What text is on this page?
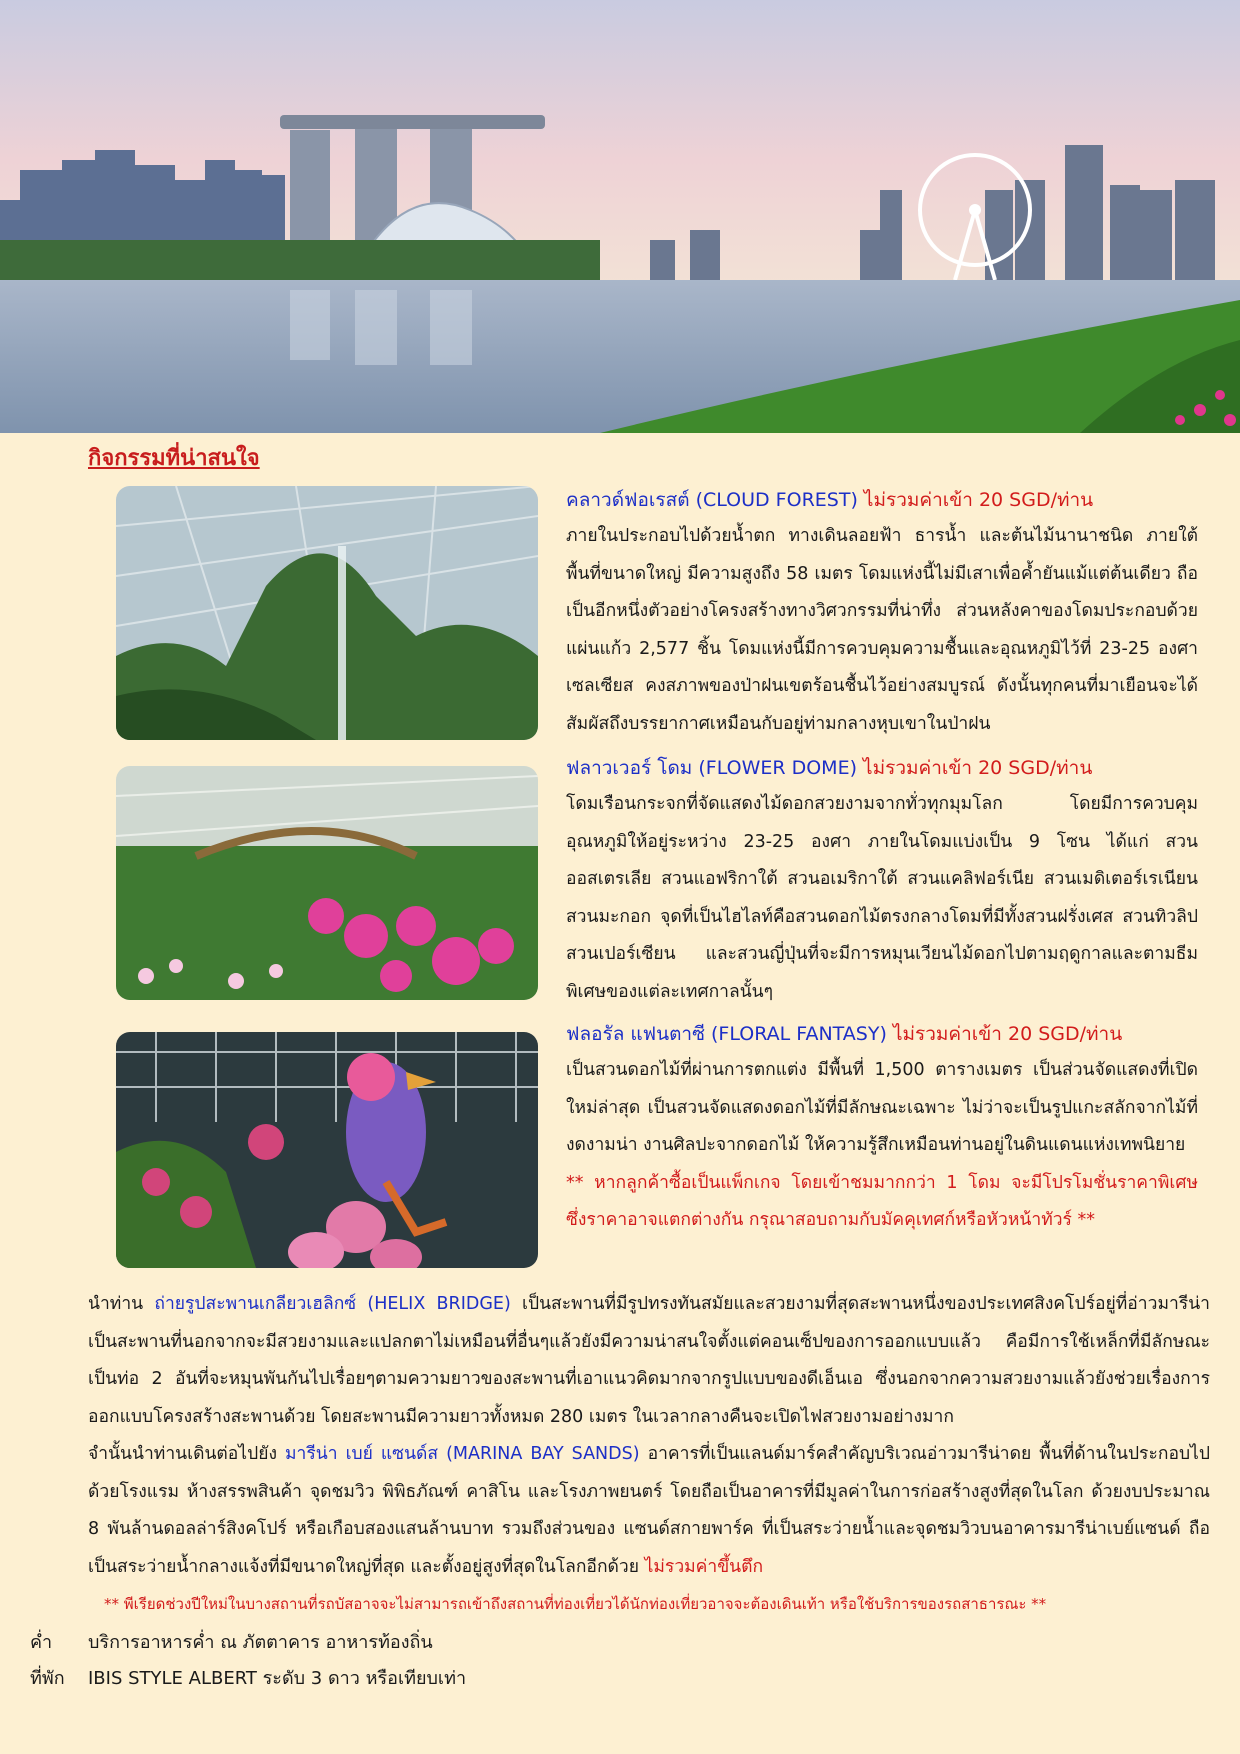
กิจกรรมที่น่าสนใจ
คลาวด์ฟอเรสต์ (CLOUD FOREST) ไม่รวมค่าเข้า 20 SGD/ท่าน
ภายในประกอบไปด้วยน้ำตก ทางเดินลอยฟ้า ธารน้ำ และต้นไม้นานาชนิด ภายใต้พื้นที่ขนาดใหญ่ มีความสูงถึง 58 เมตร โดมแห่งนี้ไม่มีเสาเพื่อค้ำยันแม้แต่ต้นเดียว ถือเป็นอีกหนึ่งตัวอย่างโครงสร้างทางวิศวกรรมที่น่าทึ่ง ส่วนหลังคาของโดมประกอบด้วยแผ่นแก้ว 2,577 ชิ้น โดมแห่งนี้มีการควบคุมความชื้นและอุณหภูมิไว้ที่ 23-25 องศาเซลเซียส คงสภาพของป่าฝนเขตร้อนชื้นไว้อย่างสมบูรณ์ ดังนั้นทุกคนที่มาเยือนจะได้สัมผัสถึงบรรยากาศเหมือนกับอยู่ท่ามกลางหุบเขาในป่าฝน
ฟลาวเวอร์ โดม (FLOWER DOME) ไม่รวมค่าเข้า 20 SGD/ท่าน
โดมเรือนกระจกที่จัดแสดงไม้ดอกสวยงามจากทั่วทุกมุมโลก โดยมีการควบคุมอุณหภูมิให้อยู่ระหว่าง 23-25 องศา ภายในโดมแบ่งเป็น 9 โซน ได้แก่ สวนออสเตรเลีย สวนแอฟริกาใต้ สวนอเมริกาใต้ สวนแคลิฟอร์เนีย สวนเมดิเตอร์เรเนียน สวนมะกอก จุดที่เป็นไฮไลท์คือสวนดอกไม้ตรงกลางโดมที่มีทั้งสวนฝรั่งเศส สวนทิวลิป สวนเปอร์เซียน และสวนญี่ปุ่นที่จะมีการหมุนเวียนไม้ดอกไปตามฤดูกาลและตามธีมพิเศษของแต่ละเทศกาลนั้นๆ
ฟลอรัล แฟนตาซี (FLORAL FANTASY) ไม่รวมค่าเข้า 20 SGD/ท่าน
เป็นสวนดอกไม้ที่ผ่านการตกแต่ง มีพื้นที่ 1,500 ตารางเมตร เป็นส่วนจัดแสดงที่เปิดใหม่ล่าสุด เป็นสวนจัดแสดงดอกไม้ที่มีลักษณะเฉพาะ ไม่ว่าจะเป็นรูปแกะสลักจากไม้ที่งดงามน่า งานศิลปะจากดอกไม้ ให้ความรู้สึกเหมือนท่านอยู่ในดินแดนแห่งเทพนิยาย
** หากลูกค้าซื้อเป็นแพ็กเกจ โดยเข้าชมมากกว่า 1 โดม จะมีโปรโมชั่นราคาพิเศษ ซึ่งราคาอาจแตกต่างกัน กรุณาสอบถามกับมัคคุเทศก์หรือหัวหน้าทัวร์ **
นำท่าน ถ่ายรูปสะพานเกลียวเฮลิกซ์ (HELIX BRIDGE) เป็นสะพานที่มีรูปทรงทันสมัยและสวยงามที่สุดสะพานหนึ่งของประเทศสิงคโปร์อยู่ที่อ่าวมารีน่าเป็นสะพานที่นอกจากจะมีสวยงามและแปลกตาไม่เหมือนที่อื่นๆแล้วยังมีความน่าสนใจตั้งแต่คอนเซ็ปของการออกแบบแล้ว คือมีการใช้เหล็กที่มีลักษณะเป็นท่อ 2 อันที่จะหมุนพันกันไปเรื่อยๆตามความยาวของสะพานที่เอาแนวคิดมากจากรูปแบบของดีเอ็นเอ ซึ่งนอกจากความสวยงามแล้วยังช่วยเรื่องการออกแบบโครงสร้างสะพานด้วย โดยสะพานมีความยาวทั้งหมด 280 เมตร ในเวลากลางคืนจะเปิดไฟสวยงามอย่างมาก
จำนั้นนำท่านเดินต่อไปยัง มารีน่า เบย์ แซนด์ส (MARINA BAY SANDS) อาคารที่เป็นแลนด์มาร์คสำคัญบริเวณอ่าวมารีน่าดย พื้นที่ด้านในประกอบไปด้วยโรงแรม ห้างสรรพสินค้า จุดชมวิว พิพิธภัณฑ์ คาสิโน และโรงภาพยนตร์ โดยถือเป็นอาคารที่มีมูลค่าในการก่อสร้างสูงที่สุดในโลก ด้วยงบประมาณ 8 พันล้านดอลล่าร์สิงคโปร์ หรือเกือบสองแสนล้านบาท รวมถึงส่วนของ แซนด์สกายพาร์ค ที่เป็นสระว่ายน้ำและจุดชมวิวบนอาคารมารีน่าเบย์แซนด์ ถือเป็นสระว่ายน้ำกลางแจ้งที่มีขนาดใหญ่ที่สุด และตั้งอยู่สูงที่สุดในโลกอีกด้วย ไม่รวมค่าขึ้นตึก
** พีเรียดช่วงปีใหม่ในบางสถานที่รถบัสอาจจะไม่สามารถเข้าถึงสถานที่ท่องเที่ยวได้นักท่องเที่ยวอาจจะต้องเดินเท้า หรือใช้บริการของรถสาธารณะ **
ค่ำ บริการอาหารค่ำ ณ ภัตตาคาร อาหารท้องถิ่น
ที่พัก IBIS STYLE ALBERT ระดับ 3 ดาว หรือเทียบเท่า
